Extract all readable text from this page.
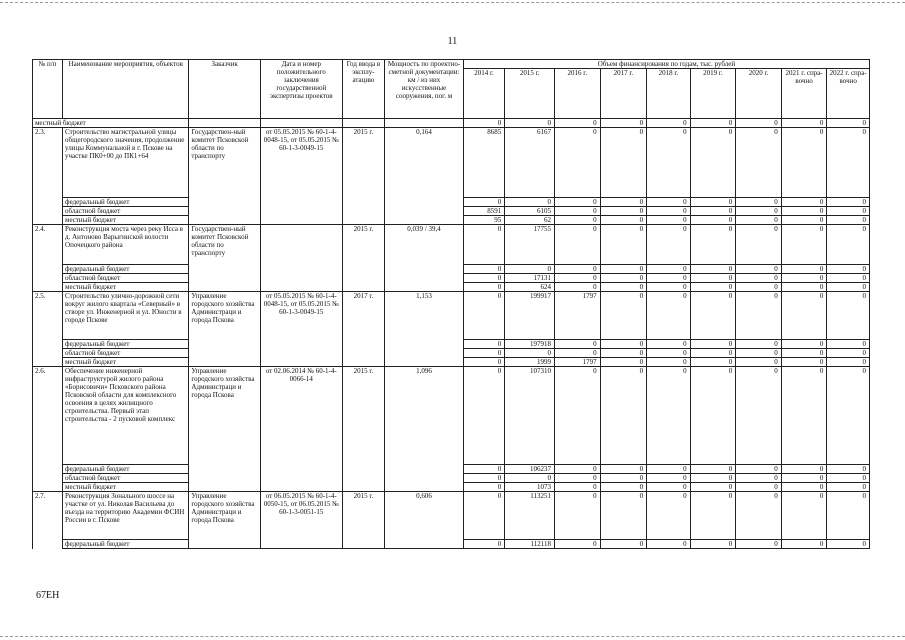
11
№ п/п	Наименование мероприятия, объектов	Заказчик	Дата и номер положительного заключения государственной экспертизы проектов	Год ввода в эксплу-атацию	Мощность по проектно-сметной документации: км / из них искусственные сооружения, пог. м	Объем финансирования по годам, тыс. рублей								
						2014 г.	2015 г.	2016 г.	2017 г.	2018 г.	2019 г.	2020 г.	2021 г. спра-вочно	2022 г. спра-вочно
местный бюджет						0	0	0	0	0	0	0	0	0
2.3.	Строительство магистральной улицы общегородского значения, продолжение улицы Коммунальной в г. Пскове на участке ПК0+00 до ПК1+64	Государствен-ный комитет Псковской области по транспорту	от 05.05.2015 № 60-1-4-0048-15, от 05.05.2015 № 60-1-3-0049-15	2015 г.	0,164	8685	6167	0	0	0	0	0	0	0
	федеральный бюджет					0	0	0	0	0	0	0	0	0
	областной бюджет					8591	6105	0	0	0	0	0	0	0
	местный бюджет					95	62	0	0	0	0	0	0	0
2.4.	Реконструкция моста через реку Исса в д. Антоново Варыгинской волости Опочецкого района	Государствен-ный комитет Псковской области по транспорту		2015 г.	0,039 / 39,4	0	17755	0	0	0	0	0	0	0
	федеральный бюджет					0	0	0	0	0	0	0	0	0
	областной бюджет					0	17131	0	0	0	0	0	0	0
	местный бюджет					0	624	0	0	0	0	0	0	0
2.5.	Строительство улично-дорожной сети вокруг жилого квартала «Северный» в створе ул. Инженерной и ул. Юности в городе Пскове	Управление городского хозяйства Администраци и города Пскова	от 05.05.2015 № 60-1-4-0048-15, от 05.05.2015 № 60-1-3-0049-15	2017 г.	1,153	0	199917	1797	0	0	0	0	0	0
	федеральный бюджет					0	197918	0	0	0	0	0	0	0
	областной бюджет					0	0	0	0	0	0	0	0	0
	местный бюджет					0	1999	1797	0	0	0	0	0	0
2.6.	Обеспечение инженерной инфраструктурой жилого района «Борисовичи» Псковского района Псковской области для комплексного освоения в целях жилищного строительства. Первый этап строительства - 2 пусковой комплекс	Управление городского хозяйства Администраци и города Пскова	от 02.06.2014 № 60-1-4-0066-14	2015 г.	1,096	0	107310	0	0	0	0	0	0	0
	федеральный бюджет					0	106237	0	0	0	0	0	0	0
	областной бюджет					0	0	0	0	0	0	0	0	0
	местный бюджет					0	1073	0	0	0	0	0	0	0
2.7.	Реконструкция Зонального шоссе на участке от ул. Николая Васильева до въезда на территорию Академии ФСИН России в г. Пскове	Управление городского хозяйства Администраци и города Пскова	от 06.05.2015 № 60-1-4-0050-15, от 06.05.2015 № 60-1-3-0051-15	2015 г.	0,606	0	113251	0	0	0	0	0	0	0
	федеральный бюджет					0	112118	0	0	0	0	0	0	0
67EH
